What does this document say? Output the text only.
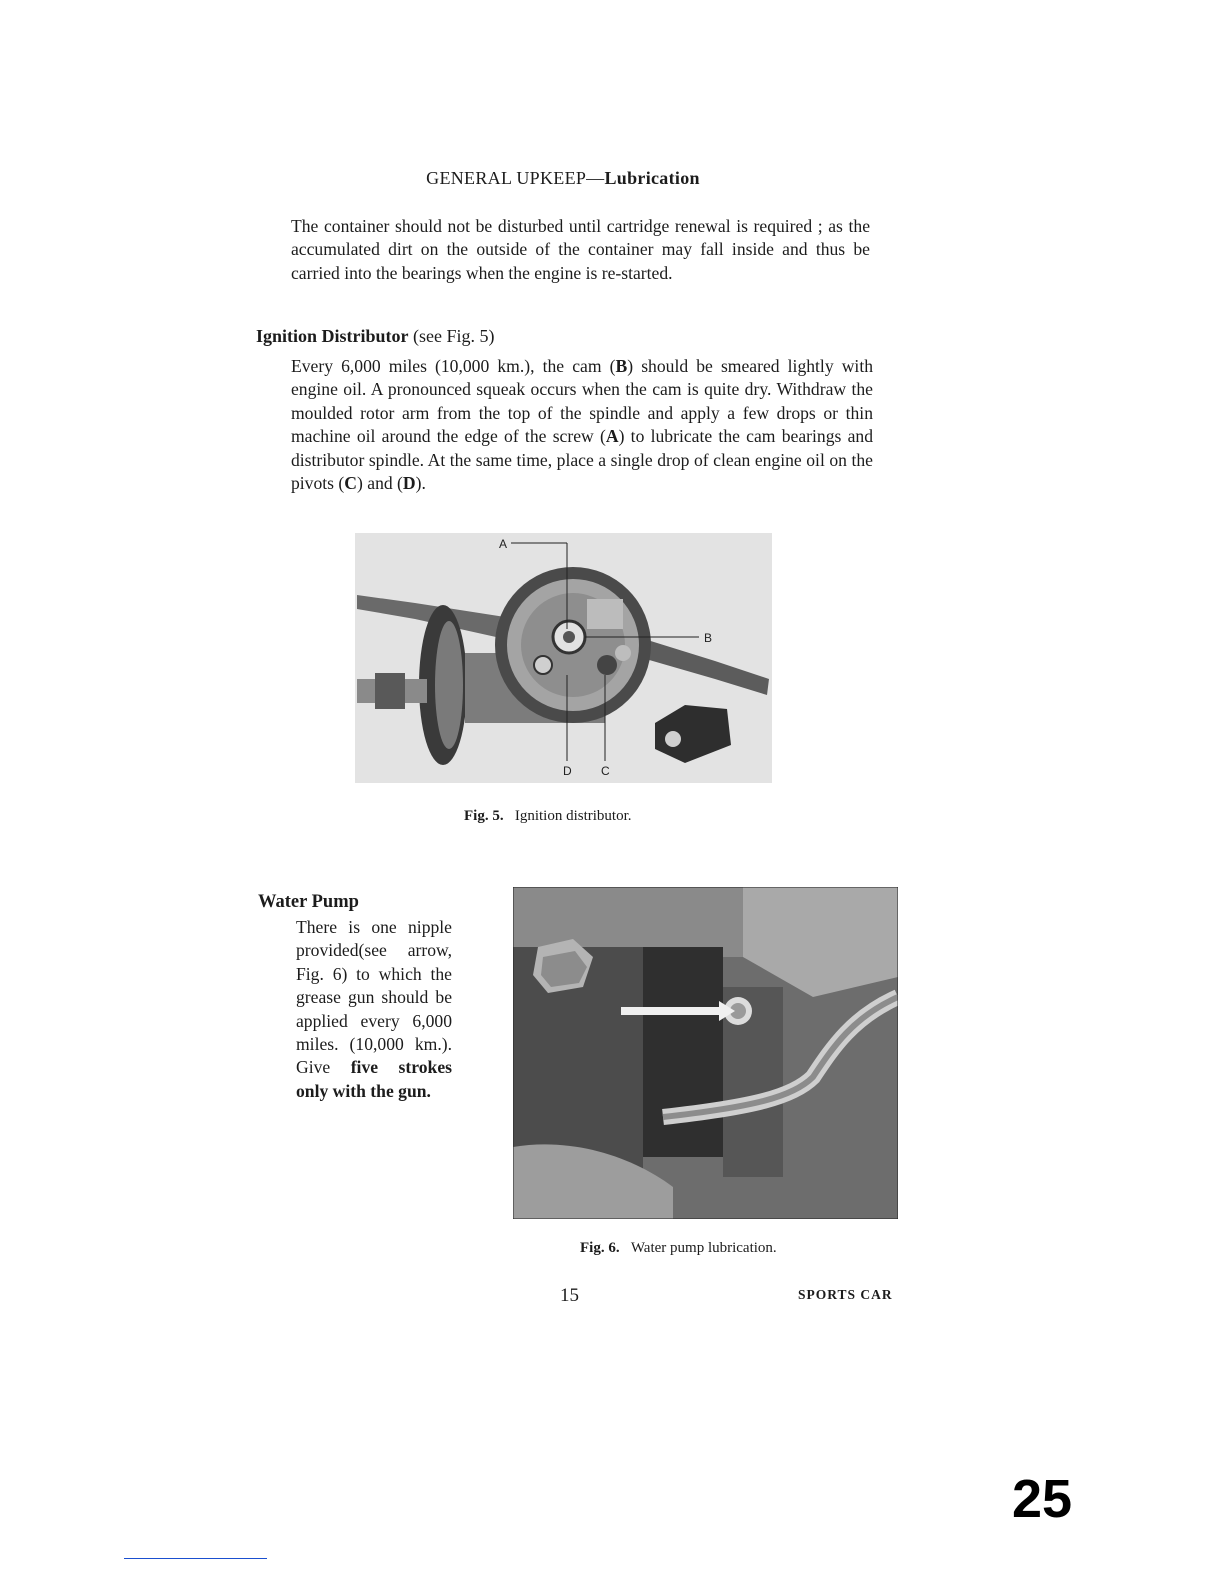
GENERAL UPKEEP—Lubrication
The container should not be disturbed until cartridge renewal is required ; as the accumulated dirt on the outside of the container may fall inside and thus be carried into the bearings when the engine is re-started.
Ignition Distributor (see Fig. 5)
Every 6,000 miles (10,000 km.), the cam (B) should be smeared lightly with engine oil. A pronounced squeak occurs when the cam is quite dry. Withdraw the moulded rotor arm from the top of the spindle and apply a few drops or thin machine oil around the edge of the screw (A) to lubricate the cam bearings and distributor spindle. At the same time, place a single drop of clean engine oil on the pivots (C) and (D).
A
B
D C
Fig. 5. Ignition distributor.
Water Pump
There is one nipple provided(see arrow, Fig. 6) to which the grease gun should be applied every 6,000 miles. (10,000 km.). Give five strokes only with the gun.
Fig. 6. Water pump lubrication.
15	SPORTS CAR
25
